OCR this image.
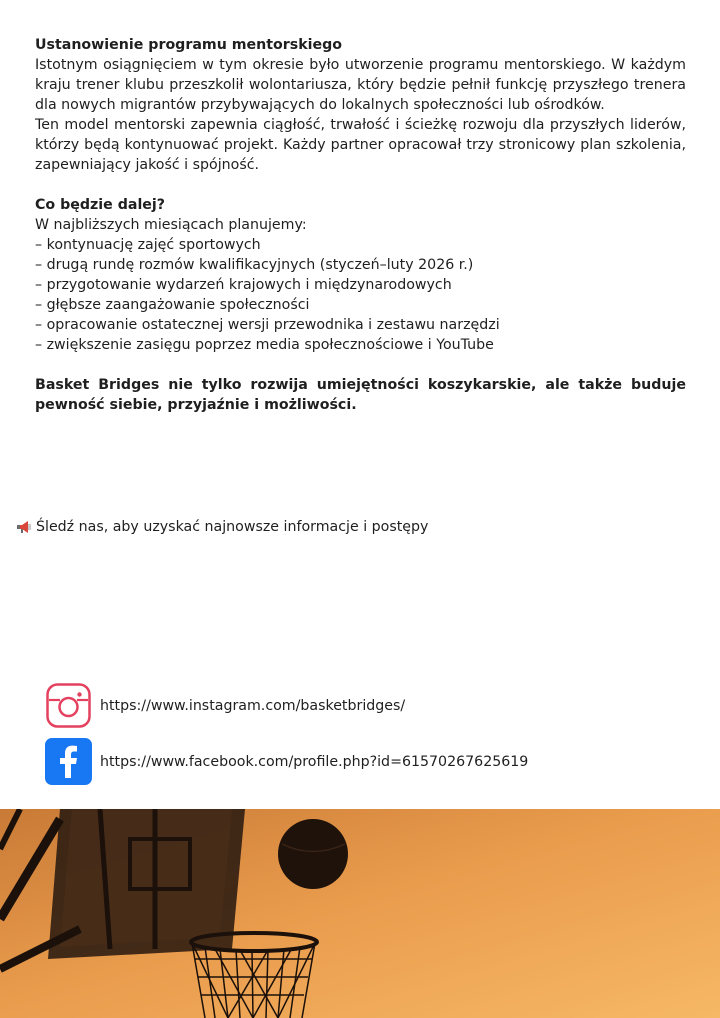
Ustanowienie programu mentorskiego

Istotnym osiągnięciem w tym okresie było utworzenie programu mentorskiego. W każdym kraju trener klubu przeszkolił wolontariusza, który będzie pełnił funkcję przyszłego trenera dla nowych migrantów przybywających do lokalnych społeczności lub ośrodków.

Ten model mentorski zapewnia ciągłość, trwałość i ścieżkę rozwoju dla przyszłych liderów, którzy będą kontynuować projekt. Każdy partner opracował trzy stronicowy plan szkolenia, zapewniający jakość i spójność.

Co będzie dalej?

W najbliższych miesiącach planujemy:

– kontynuację zajęć sportowych
– drugą rundę rozmów kwalifikacyjnych (styczeń–luty 2026 r.)
– przygotowanie wydarzeń krajowych i międzynarodowych
– głębsze zaangażowanie społeczności
– opracowanie ostatecznej wersji przewodnika i zestawu narzędzi
– zwiększenie zasięgu poprzez media społecznościowe i YouTube

Basket Bridges nie tylko rozwija umiejętności koszykarskie, ale także buduje pewność siebie, przyjaźnie i możliwości.

Śledź nas, aby uzyskać najnowsze informacje i postępy
https://www.instagram.com/basketbridges/
https://www.facebook.com/profile.php?id=61570267625619
